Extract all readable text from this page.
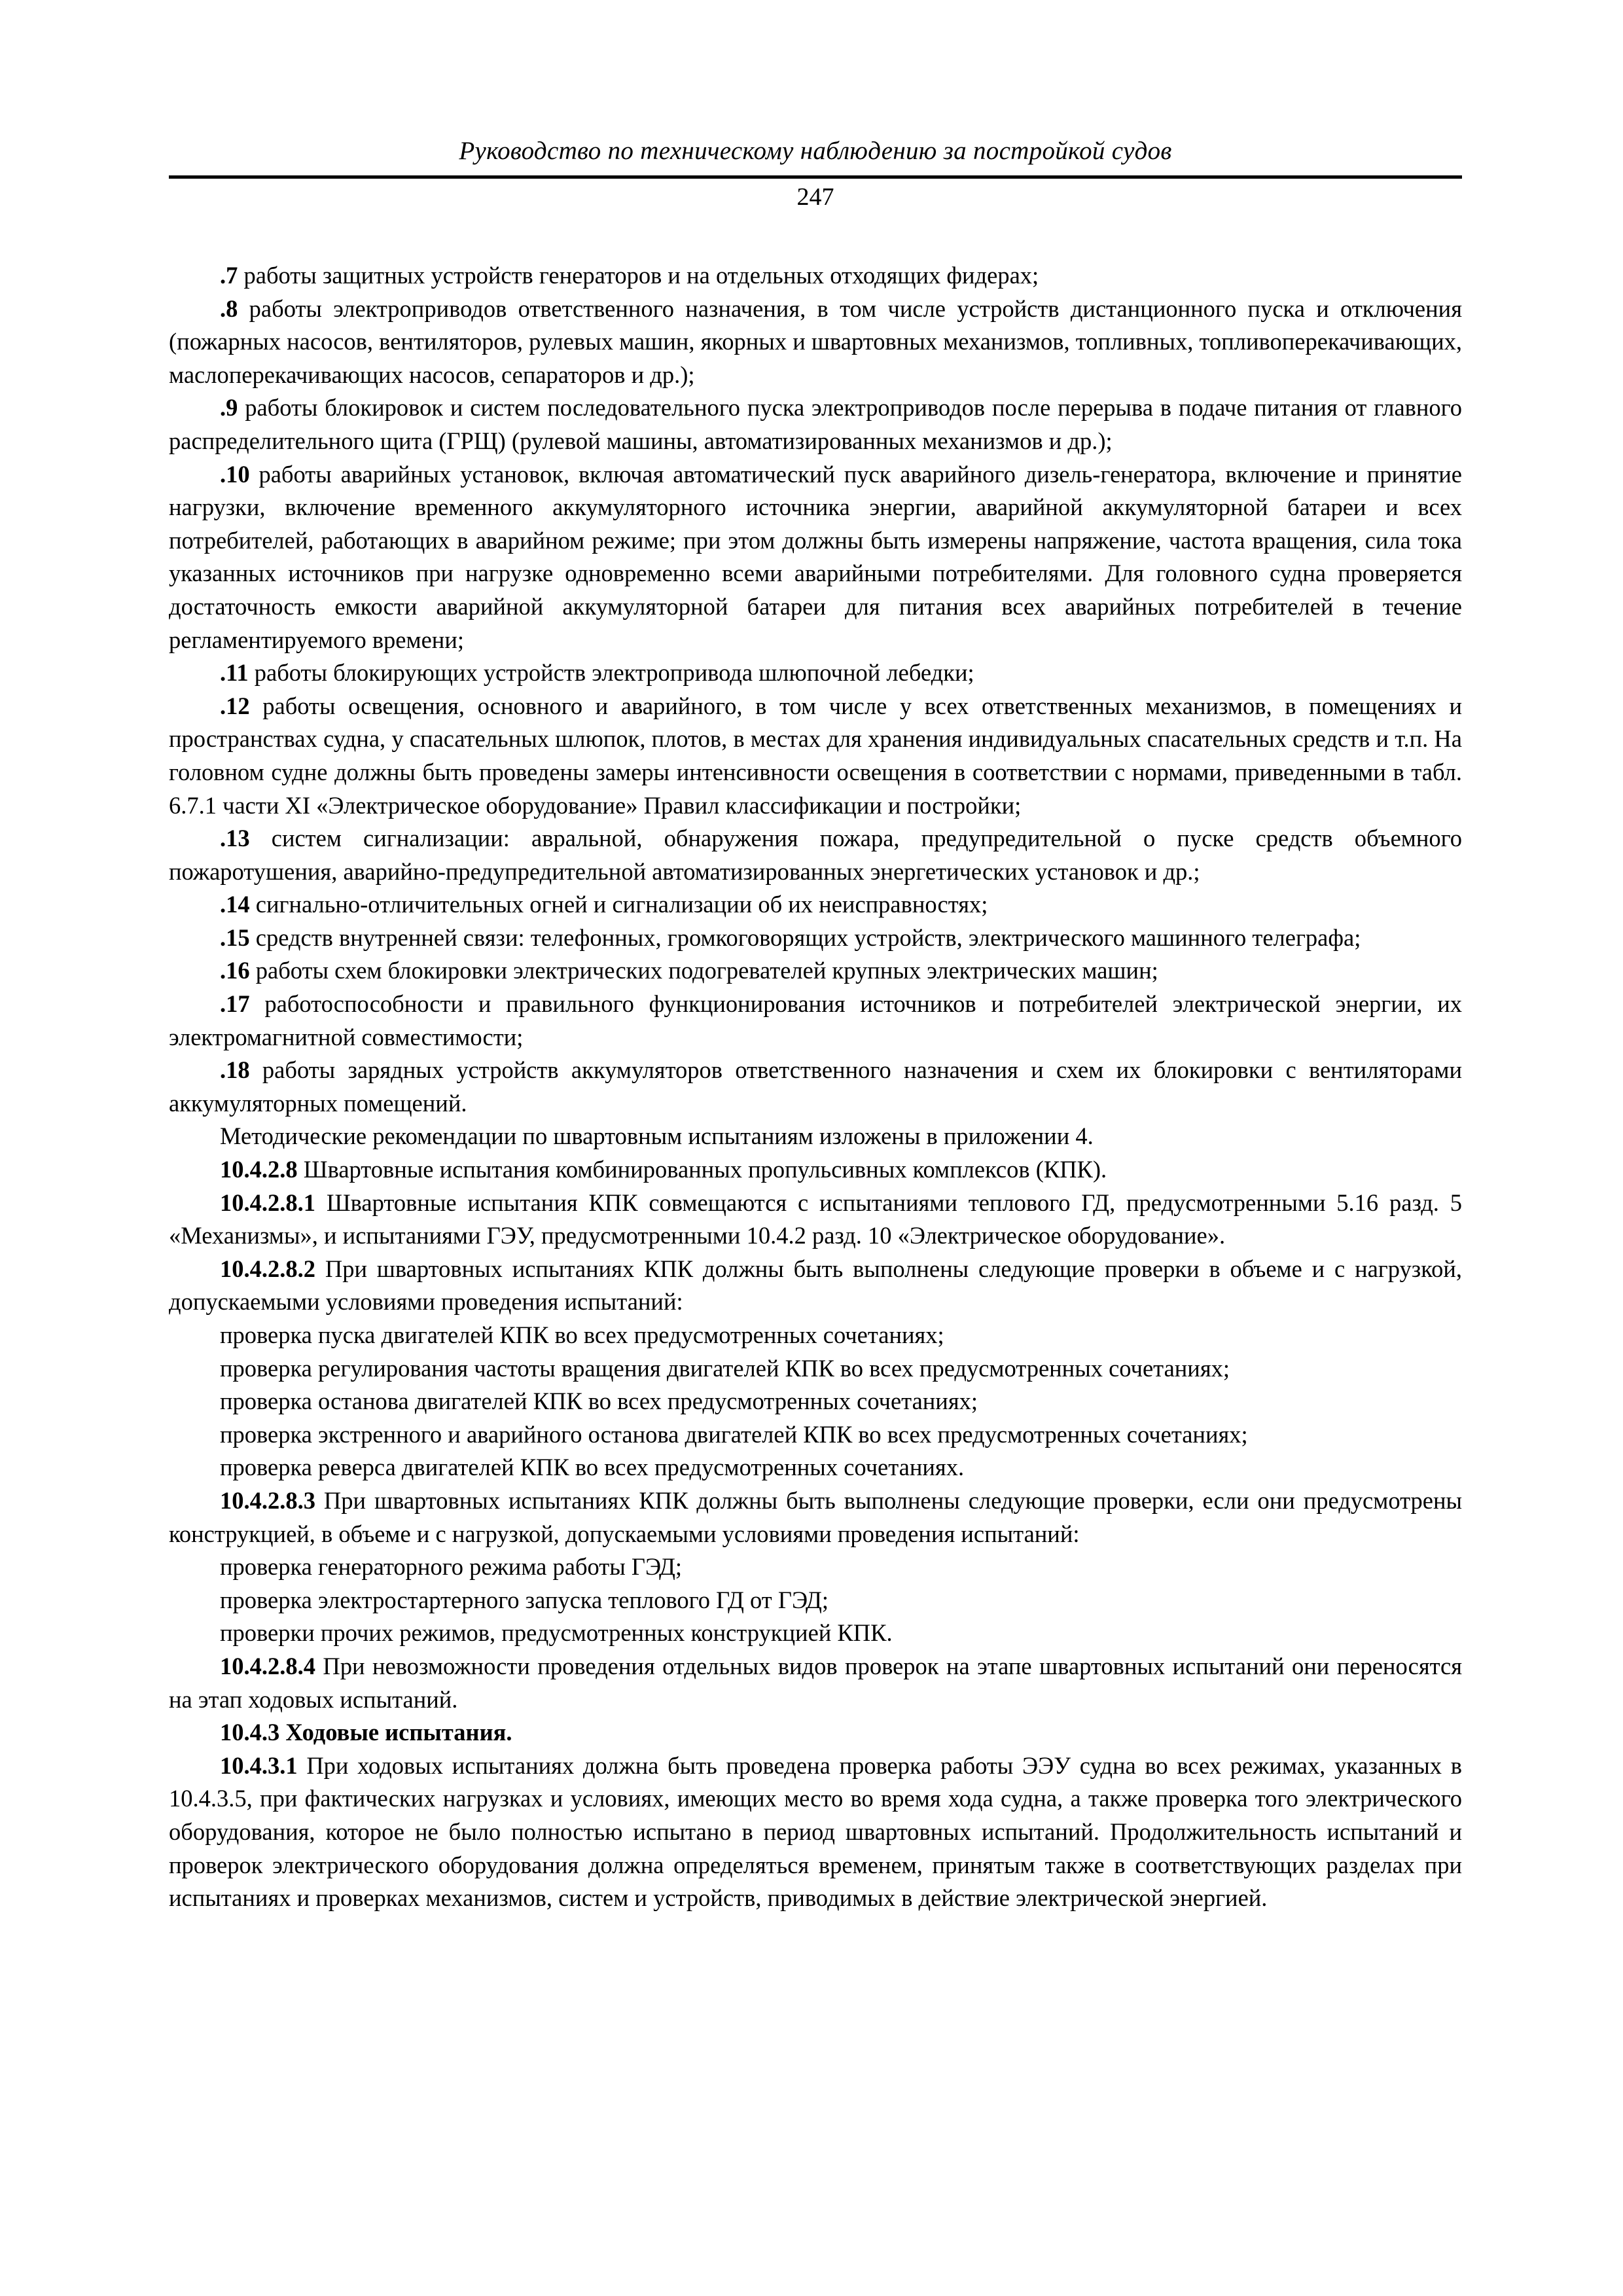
Руководство по техническому наблюдению за постройкой судов
247

.7 работы защитных устройств генераторов и на отдельных отходящих фидерах;

.8 работы электроприводов ответственного назначения, в том числе устройств дистанционного пуска и отключения (пожарных насосов, вентиляторов, рулевых машин, якорных и швартовных механизмов, топливных, топливоперекачивающих, маслоперекачивающих насосов, сепараторов и др.);

.9 работы блокировок и систем последовательного пуска электроприводов после перерыва в подаче питания от главного распределительного щита (ГРЩ) (рулевой машины, автоматизированных механизмов и др.);

.10 работы аварийных установок, включая автоматический пуск аварийного дизель-генератора, включение и принятие нагрузки, включение временного аккумуляторного источника энергии, аварийной аккумуляторной батареи и всех потребителей, работающих в аварийном режиме; при этом должны быть измерены напряжение, частота вращения, сила тока указанных источников при нагрузке одновременно всеми аварийными потребителями. Для головного судна проверяется достаточность емкости аварийной аккумуляторной батареи для питания всех аварийных потребителей в течение регламентируемого времени;

.11 работы блокирующих устройств электропривода шлюпочной лебедки;

.12 работы освещения, основного и аварийного, в том числе у всех ответственных механизмов, в помещениях и пространствах судна, у спасательных шлюпок, плотов, в местах для хранения индивидуальных спасательных средств и т.п. На головном судне должны быть проведены замеры интенсивности освещения в соответствии с нормами, приведенными в табл. 6.7.1 части XI «Электрическое оборудование» Правил классификации и постройки;

.13 систем сигнализации: авральной, обнаружения пожара, предупредительной о пуске средств объемного пожаротушения, аварийно-предупредительной автоматизированных энергетических установок и др.;

.14 сигнально-отличительных огней и сигнализации об их неисправностях;

.15 средств внутренней связи: телефонных, громкоговорящих устройств, электрического машинного телеграфа;

.16 работы схем блокировки электрических подогревателей крупных электрических машин;

.17 работоспособности и правильного функционирования источников и потребителей электрической энергии, их электромагнитной совместимости;

.18 работы зарядных устройств аккумуляторов ответственного назначения и схем их блокировки с вентиляторами аккумуляторных помещений.

Методические рекомендации по швартовным испытаниям изложены в приложении 4.

10.4.2.8 Швартовные испытания комбинированных пропульсивных комплексов (КПК).

10.4.2.8.1 Швартовные испытания КПК совмещаются с испытаниями теплового ГД, предусмотренными 5.16 разд. 5 «Механизмы», и испытаниями ГЭУ, предусмотренными 10.4.2 разд. 10 «Электрическое оборудование».

10.4.2.8.2 При швартовных испытаниях КПК должны быть выполнены следующие проверки в объеме и с нагрузкой, допускаемыми условиями проведения испытаний:

проверка пуска двигателей КПК во всех предусмотренных сочетаниях;

проверка регулирования частоты вращения двигателей КПК во всех предусмотренных сочетаниях;

проверка останова двигателей КПК во всех предусмотренных сочетаниях;

проверка экстренного и аварийного останова двигателей КПК во всех предусмотренных сочетаниях;

проверка реверса двигателей КПК во всех предусмотренных сочетаниях.

10.4.2.8.3 При швартовных испытаниях КПК должны быть выполнены следующие проверки, если они предусмотрены конструкцией, в объеме и с нагрузкой, допускаемыми условиями проведения испытаний:

проверка генераторного режима работы ГЭД;

проверка электростартерного запуска теплового ГД от ГЭД;

проверки прочих режимов, предусмотренных конструкцией КПК.

10.4.2.8.4 При невозможности проведения отдельных видов проверок на этапе швартовных испытаний они переносятся на этап ходовых испытаний.

10.4.3 Ходовые испытания.

10.4.3.1 При ходовых испытаниях должна быть проведена проверка работы ЭЭУ судна во всех режимах, указанных в 10.4.3.5, при фактических нагрузках и условиях, имеющих место во время хода судна, а также проверка того электрического оборудования, которое не было полностью испытано в период швартовных испытаний. Продолжительность испытаний и проверок электрического оборудования должна определяться временем, принятым также в соответствующих разделах при испытаниях и проверках механизмов, систем и устройств, приводимых в действие электрической энергией.
